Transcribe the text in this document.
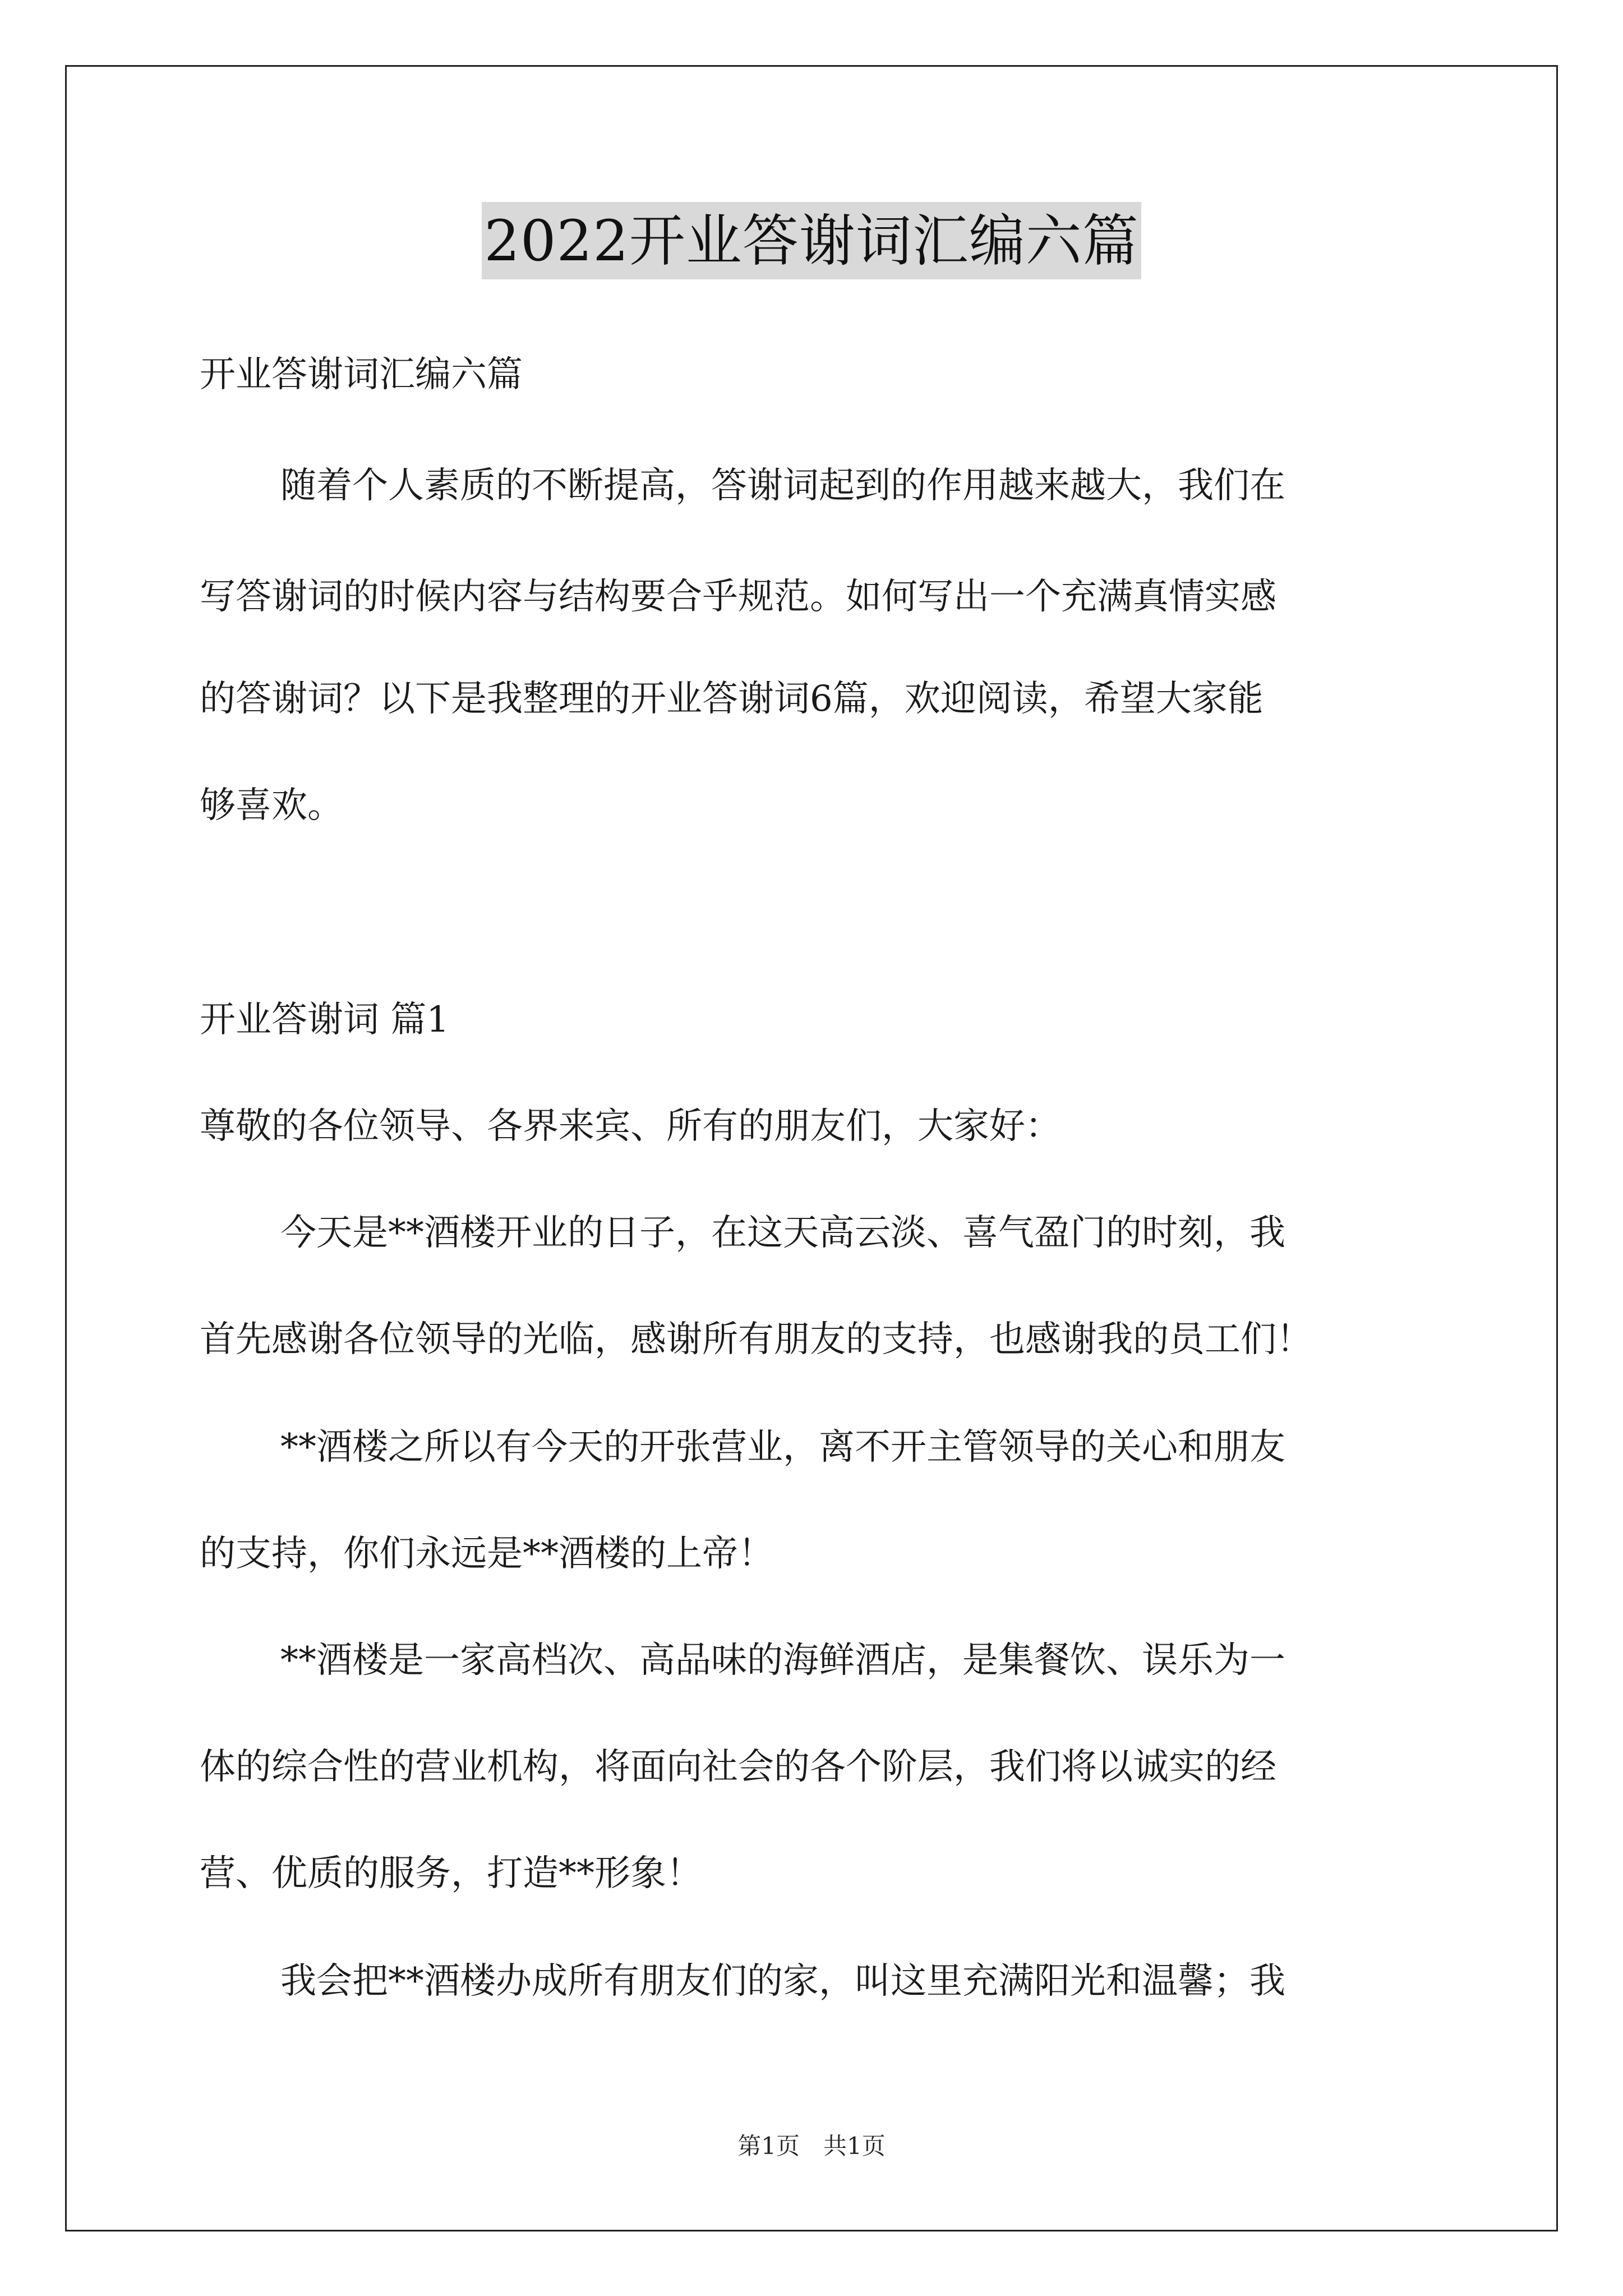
2022开业答谢词汇编六篇
开业答谢词汇编六篇
随着个人素质的不断提高，答谢词起到的作用越来越大，我们在
写答谢词的时候内容与结构要合乎规范。如何写出一个充满真情实感
的答谢词？以下是我整理的开业答谢词6篇，欢迎阅读，希望大家能
够喜欢。
开业答谢词 篇1
尊敬的各位领导、各界来宾、所有的朋友们，大家好：
今天是**酒楼开业的日子，在这天高云淡、喜气盈门的时刻，我
首先感谢各位领导的光临，感谢所有朋友的支持，也感谢我的员工们！
**酒楼之所以有今天的开张营业，离不开主管领导的关心和朋友
的支持，你们永远是**酒楼的上帝！
**酒楼是一家高档次、高品味的海鲜酒店，是集餐饮、误乐为一
体的综合性的营业机构，将面向社会的各个阶层，我们将以诚实的经
营、优质的服务，打造**形象！
我会把**酒楼办成所有朋友们的家，叫这里充满阳光和温馨；我
第1页　共1页
